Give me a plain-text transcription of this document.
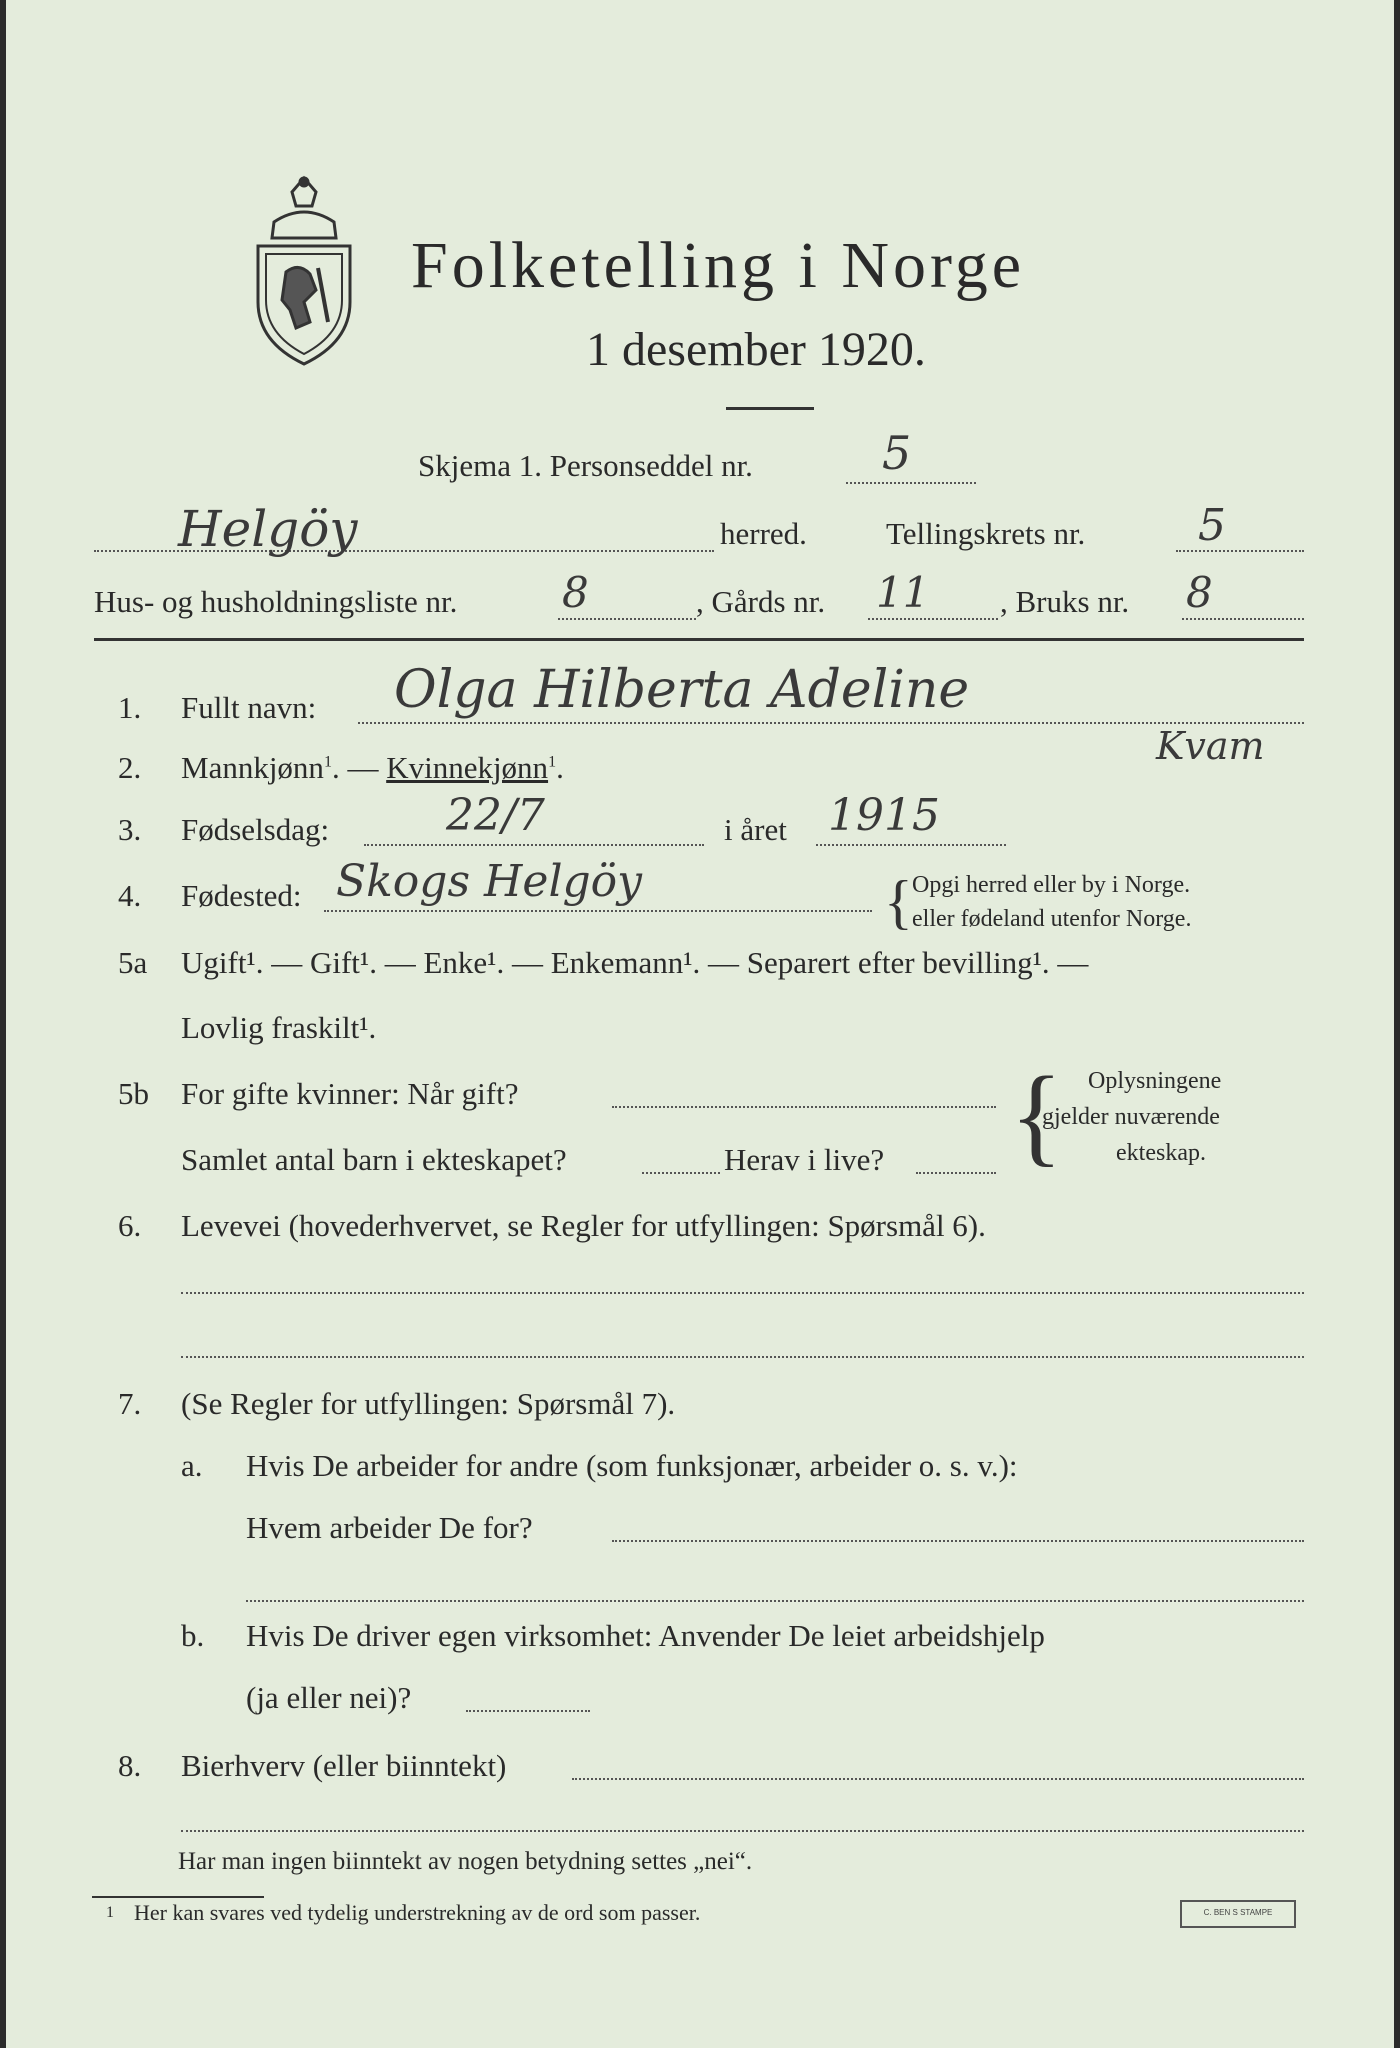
Folketelling i Norge
1 desember 1920.
Skjema 1. Personseddel nr.	5
Helgöy	herred.	Tellingskrets nr.	5
Hus- og husholdningsliste nr. 8	, Gårds nr. 11 , Bruks nr. 8
1. Fullt navn: Olga Hilberta Adeline
Kvam
2. Mannkjønn$^1$. — Kvinnekjønn$^1$.
3. Fødselsdag:	22/7	i året 1915
4. Fødested: Skogs Helgöy	{ Opgi herred eller by i Norge.
eller fødeland utenfor Norge.
5a Ugift¹. — Gift¹. — Enke¹. — Enkemann¹. — Separert efter bevilling¹. —
Lovlig fraskilt¹.
5b For gifte kvinner: Når gift?
Samlet antal barn i ekteskapet?	Herav i live? { Oplysningene
gjelder nuværende
ekteskap.
6. Levevei (hovederhvervet, se Regler for utfyllingen: Spørsmål 6).
7. (Se Regler for utfyllingen: Spørsmål 7).
a. Hvis De arbeider for andre (som funksjonær, arbeider o. s. v.):
Hvem arbeider De for?
b. Hvis De driver egen virksomhet: Anvender De leiet arbeidshjelp
(ja eller nei)?
8. Bierhverv (eller biinntekt)
Har man ingen biinntekt av nogen betydning settes „nei“.
1 Her kan svares ved tydelig understrekning av de ord som passer.	C. BEN S STAMPE
